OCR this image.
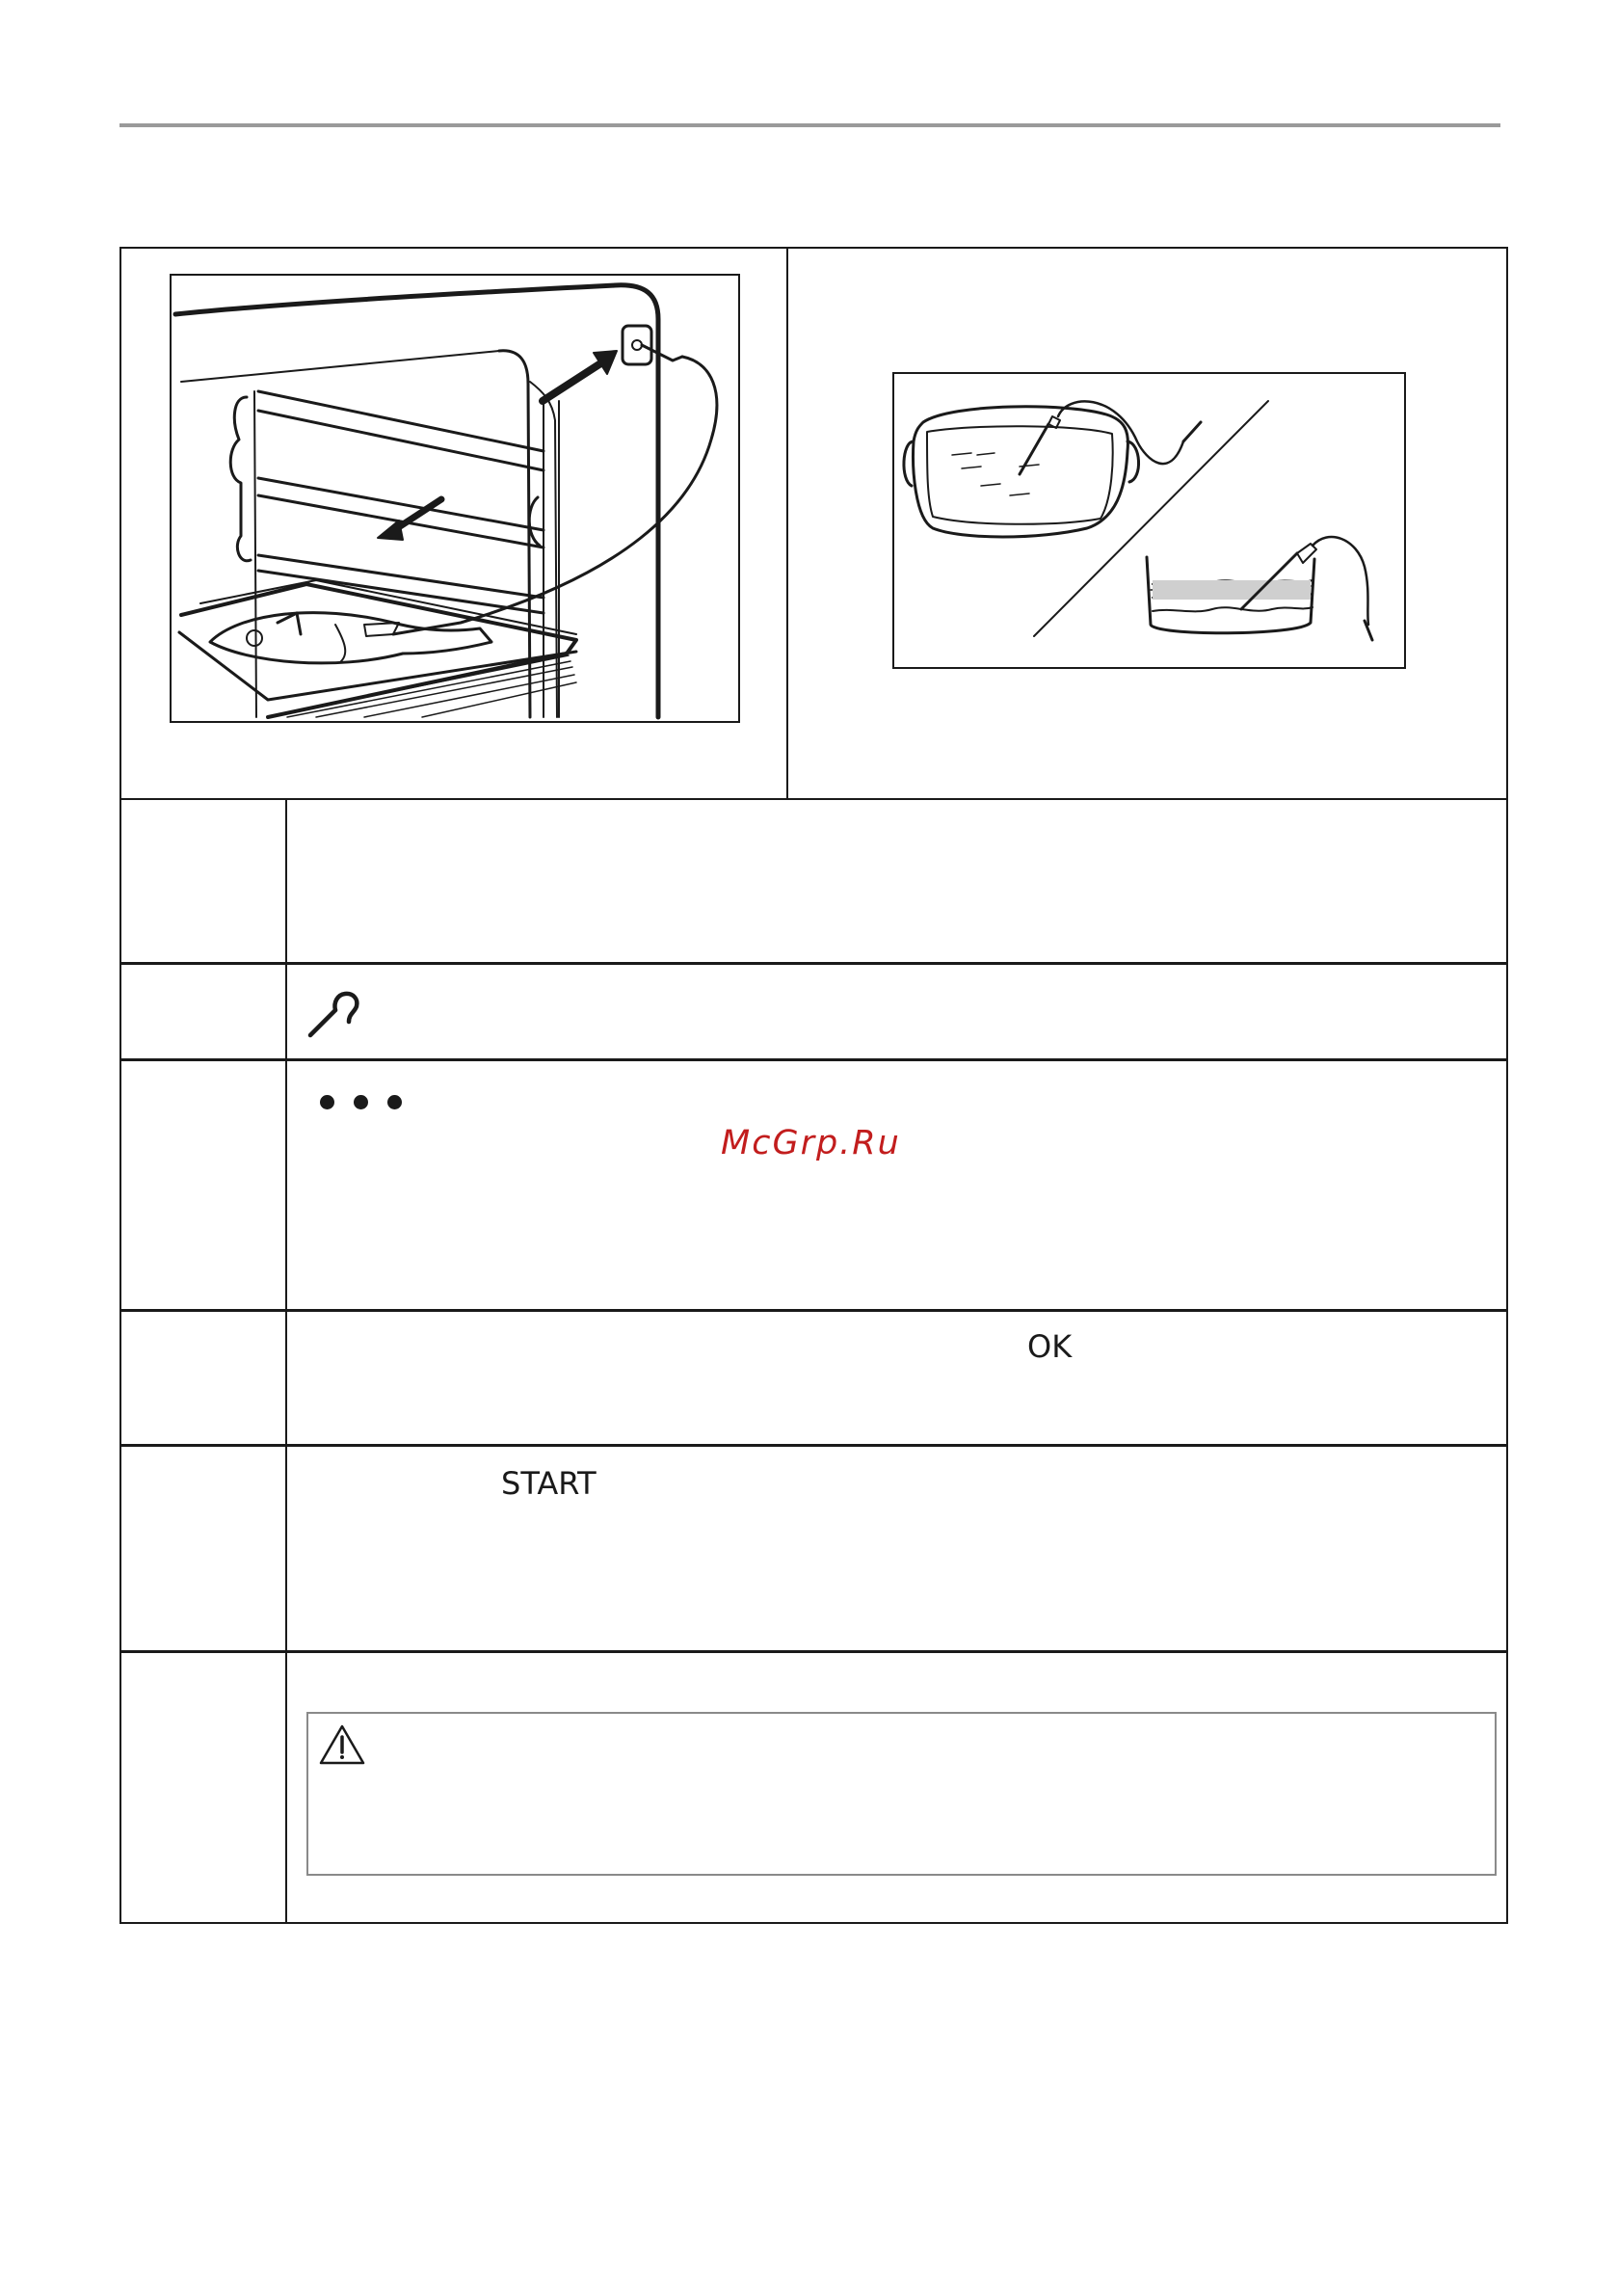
McGrp.Ru
OK
START
